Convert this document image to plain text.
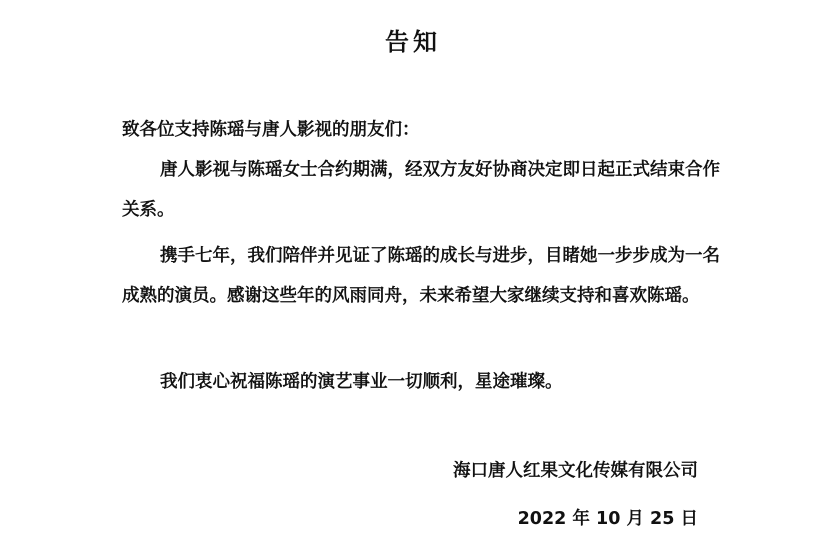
告知
致各位支持陈瑶与唐人影视的朋友们：

唐人影视与陈瑶女士合约期满，经双方友好协商决定即日起正式结束合作关系。

携手七年，我们陪伴并见证了陈瑶的成长与进步，目睹她一步步成为一名成熟的演员。感谢这些年的风雨同舟，未来希望大家继续支持和喜欢陈瑶。

我们衷心祝福陈瑶的演艺事业一切顺利，星途璀璨。

海口唐人红果文化传媒有限公司
2022 年 10 月 25 日
